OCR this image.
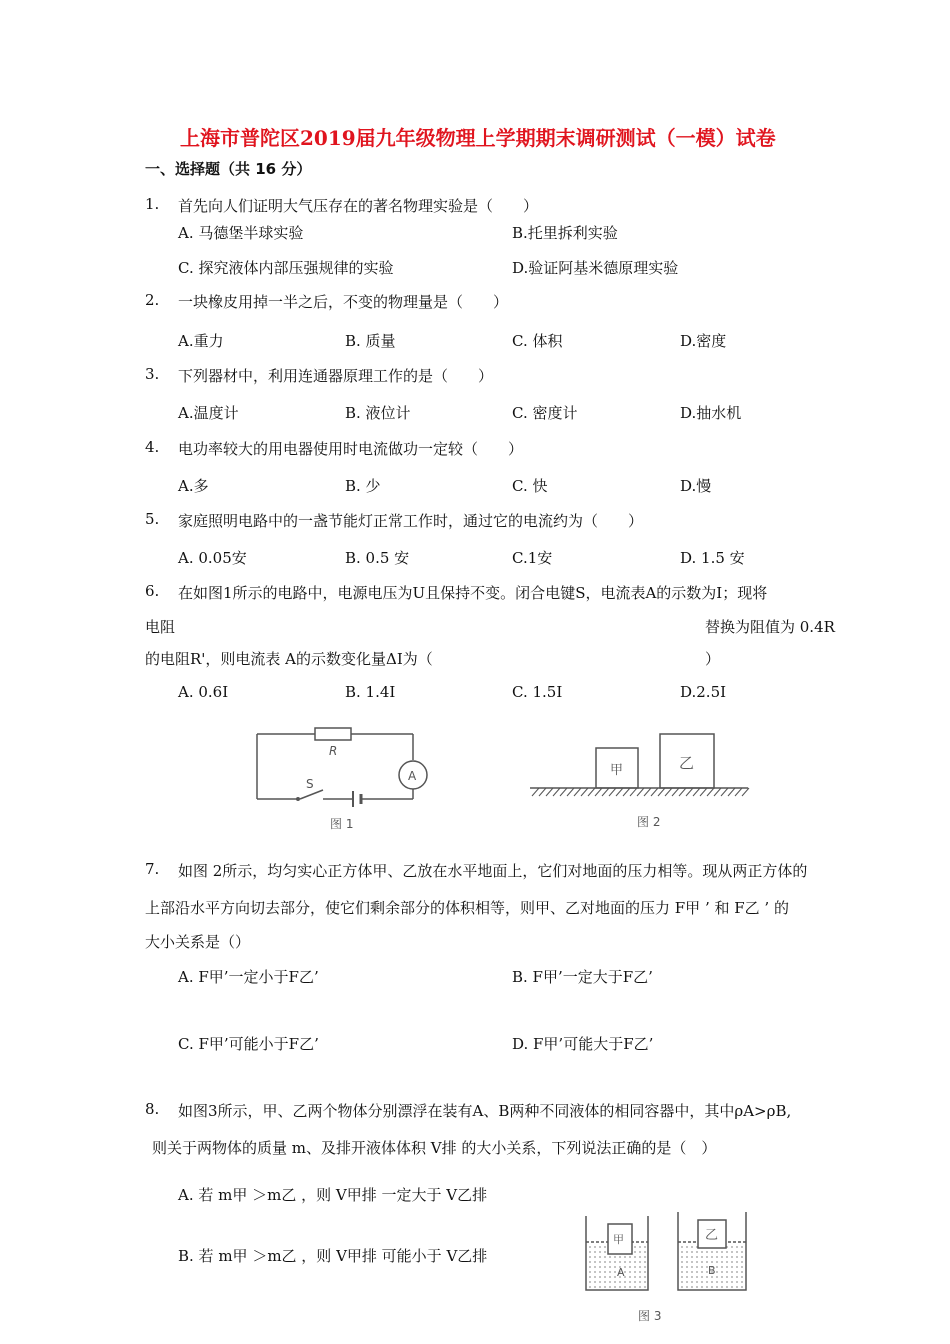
上海市普陀区2019届九年级物理上学期期末调研测试（一模）试卷
一、选择题（共 16 分）
1. 首先向人们证明大气压存在的著名物理实验是（　　）
A. 马德堡半球实验	B.托里拆利实验
C. 探究液体内部压强规律的实验	D.验证阿基米德原理实验
2. 一块橡皮用掉一半之后，不变的物理量是（　　）
A.重力	B. 质量	C. 体积	D.密度
3. 下列器材中，利用连通器原理工作的是（　　）
A.温度计	B. 液位计	C. 密度计	D.抽水机
4. 电功率较大的用电器使用时电流做功一定较（　　）
A.多	B. 少	C. 快	D.慢
5. 家庭照明电路中的一盏节能灯正常工作时，通过它的电流约为（　　）
A. 0.05安	B. 0.5 安	C.1安	D. 1.5 安
6. 在如图1所示的电路中，电源电压为U且保持不变。闭合电键S，电流表A的示数为I；现将
电阻	替换为阻值为 0.4R
的电阻R'，则电流表 A的示数变化量ΔI为（	）
A. 0.6I	B. 1.4I	C. 1.5I	D.2.5I
R
S
A
图 1
甲	乙
图 2
7. 如图 2所示，均匀实心正方体甲、乙放在水平地面上，它们对地面的压力相等。现从两正方体的
上部沿水平方向切去部分，使它们剩余部分的体积相等，则甲、乙对地面的压力 F甲 ’ 和 F乙 ’ 的
大小关系是（）
A. F甲’一定小于F乙’	B. F甲’一定大于F乙’
C. F甲’可能小于F乙’	D. F甲’可能大于F乙’
8. 如图3所示，甲、乙两个物体分别漂浮在装有A、B两种不同液体的相同容器中，其中ρA>ρB,
则关于两物体的质量 m、及排开液体体积 V排 的大小关系，下列说法正确的是（　）
A. 若 m甲 ＞m乙 ，则 V甲排 一定大于 V乙排
B. 若 m甲 ＞m乙 ，则 V甲排 可能小于 V乙排
甲	乙
A	B
图 3
